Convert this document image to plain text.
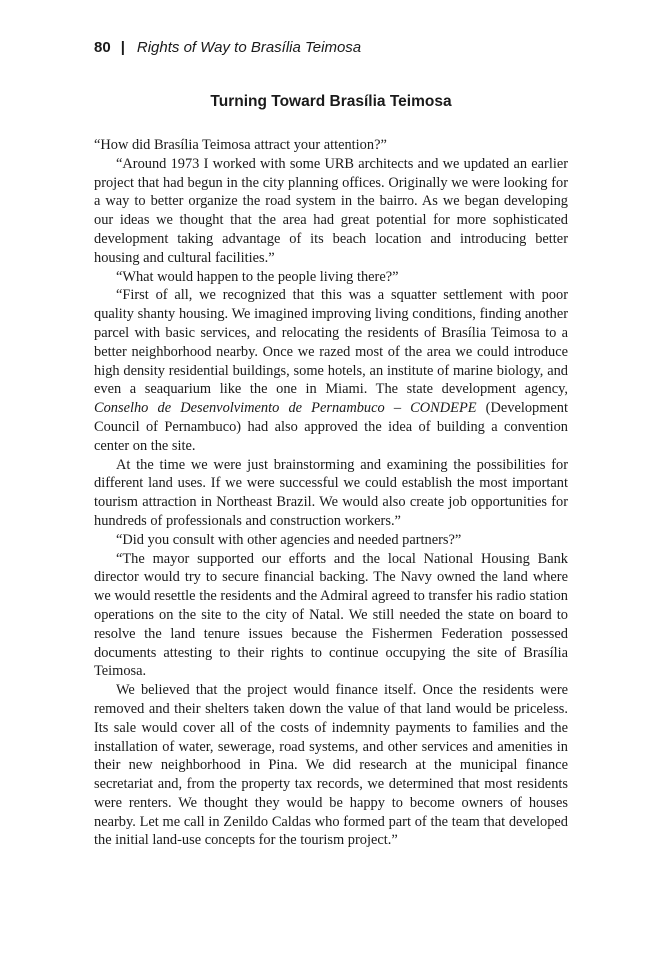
80 | Rights of Way to Brasília Teimosa
Turning Toward Brasília Teimosa

“How did Brasília Teimosa attract your attention?”

“Around 1973 I worked with some URB architects and we updated an earlier project that had begun in the city planning offices. Originally we were looking for a way to better organize the road system in the bairro. As we began developing our ideas we thought that the area had great potential for more sophisticated development taking advantage of its beach location and introducing better housing and cultural facilities.”

“What would happen to the people living there?”

“First of all, we recognized that this was a squatter settlement with poor quality shanty housing. We imagined improving living conditions, finding another parcel with basic services, and relocating the residents of Brasília Teimosa to a better neighborhood nearby. Once we razed most of the area we could introduce high density residential buildings, some hotels, an institute of marine biology, and even a seaquarium like the one in Miami. The state development agency, Conselho de Desenvolvimento de Pernambuco – CONDEPE (Development Council of Pernambuco) had also approved the idea of building a convention center on the site.

At the time we were just brainstorming and examining the possibilities for different land uses. If we were successful we could establish the most important tourism attraction in Northeast Brazil. We would also create job opportunities for hundreds of professionals and construction workers.”

“Did you consult with other agencies and needed partners?”

“The mayor supported our efforts and the local National Housing Bank director would try to secure financial backing. The Navy owned the land where we would resettle the residents and the Admiral agreed to transfer his radio station operations on the site to the city of Natal. We still needed the state on board to resolve the land tenure issues because the Fishermen Federation possessed documents attesting to their rights to continue occupying the site of Brasília Teimosa.

We believed that the project would finance itself. Once the residents were removed and their shelters taken down the value of that land would be priceless. Its sale would cover all of the costs of indemnity payments to families and the installation of water, sewerage, road systems, and other services and amenities in their new neighborhood in Pina. We did research at the municipal finance secretariat and, from the property tax records, we determined that most residents were renters. We thought they would be happy to become owners of houses nearby. Let me call in Zenildo Caldas who formed part of the team that developed the initial land-use concepts for the tourism project.”
